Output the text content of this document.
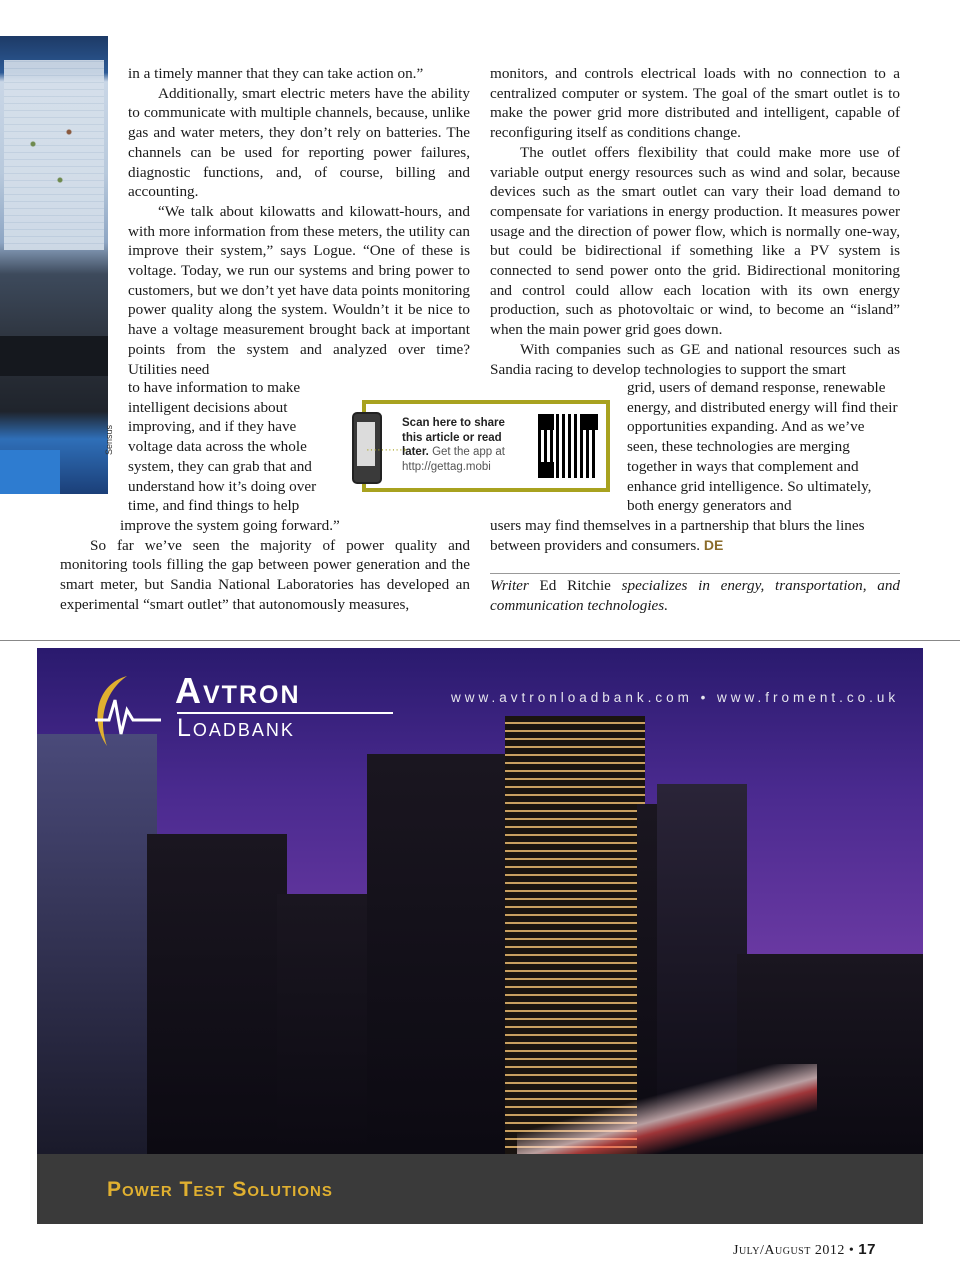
Sensus

in a timely manner that they can take action on.”

Additionally, smart electric meters have the ability to communicate with multiple channels, because, unlike gas and water meters, they don’t rely on batteries. The channels can be used for reporting power failures, diagnostic functions, and, of course, billing and accounting.

“We talk about kilowatts and kilowatt-hours, and with more information from these meters, the utility can improve their system,” says Logue. “One of these is voltage. Today, we run our systems and bring power to customers, but we don’t yet have data points monitoring power quality along the system. Wouldn’t it be nice to have a voltage measurement brought back at important points from the system and analyzed over time? Utilities need

to have information to make intelligent decisions about improving, and if they have voltage data across the whole system, they can grab that and understand how it’s doing over time, and find things to help

improve the system going forward.”

So far we’ve seen the majority of power quality and monitoring tools filling the gap between power generation and the smart meter, but Sandia National Laboratories has developed an experimental “smart outlet” that autonomously measures,

monitors, and controls electrical loads with no connection to a centralized computer or system. The goal of the smart outlet is to make the power grid more distributed and intelligent, capable of reconfiguring itself as conditions change.

The outlet offers flexibility that could make more use of variable output energy resources such as wind and solar, because devices such as the smart outlet can vary their load demand to compensate for variations in energy production. It measures power usage and the direction of power flow, which is normally one-way, but could be bidirectional if something like a PV system is connected to send power onto the grid. Bidirectional monitoring and control could allow each location with its own energy production, such as photovoltaic or wind, to become an “island” when the main power grid goes down.

With companies such as GE and national resources such as Sandia racing to develop technologies to support the smart

grid, users of demand response, renewable energy, and distributed energy will find their opportunities expanding. And as we’ve seen, these technologies are merging together in ways that complement and enhance grid intelligence. So ultimately, both energy generators and

users may find themselves in a partnership that blurs the lines between providers and consumers. DE

Writer Ed Ritchie specializes in energy, transportation, and communication technologies.
··········›
Scan here to share this article or read later. Get the app at http://gettag.mobi
Avtron
Loadbank
www.avtronloadbank.com • www.froment.co.uk
Power Test Solutions
July/August 2012 • 17
